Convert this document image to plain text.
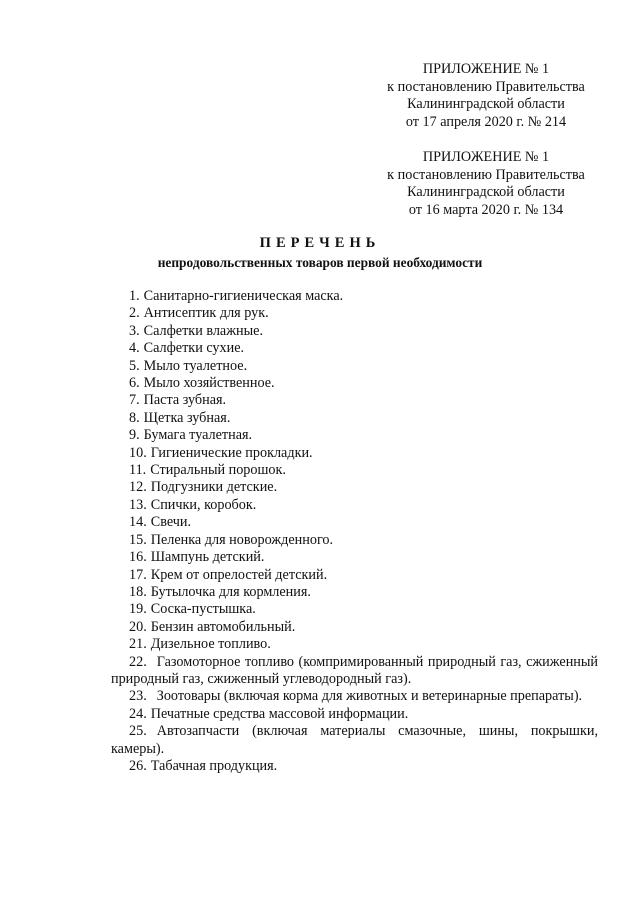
ПРИЛОЖЕНИЕ № 1
к постановлению Правительства
Калининградской области
от 17 апреля 2020 г. № 214
ПРИЛОЖЕНИЕ № 1
к постановлению Правительства
Калининградской области
от 16 марта 2020 г. № 134
ПЕРЕЧЕНЬ
непродовольственных товаров первой необходимости
1. Санитарно-гигиеническая маска.
2. Антисептик для рук.
3. Салфетки влажные.
4. Салфетки сухие.
5. Мыло туалетное.
6. Мыло хозяйственное.
7. Паста зубная.
8. Щетка зубная.
9. Бумага туалетная.
10. Гигиенические прокладки.
11. Стиральный порошок.
12. Подгузники детские.
13. Спички, коробок.
14. Свечи.
15. Пеленка для новорожденного.
16. Шампунь детский.
17. Крем от опрелостей детский.
18. Бутылочка для кормления.
19. Соска-пустышка.
20. Бензин автомобильный.
21. Дизельное топливо.
22. Газомоторное топливо (компримированный природный газ, сжиженный природный газ, сжиженный углеводородный газ).
23. Зоотовары (включая корма для животных и ветеринарные препараты).
24. Печатные средства массовой информации.
25. Автозапчасти (включая материалы смазочные, шины, покрышки, камеры).
26. Табачная продукция.
